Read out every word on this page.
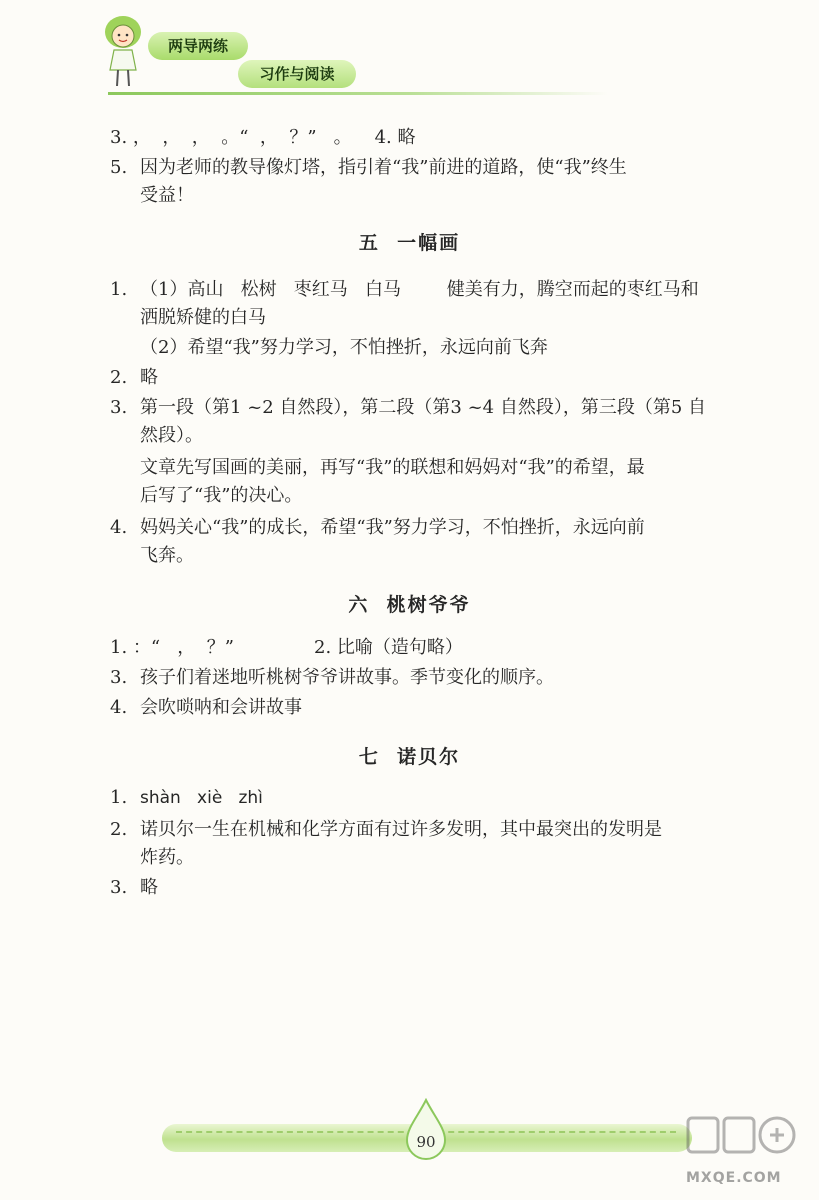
两导两练
习作与阅读
3. ，  ，  ，  。“  ，  ？”   。    4. 略
5. 因为老师的教导像灯塔，指引着“我”前进的道路，使“我”终生
受益！
五  一幅画
1. （1）高山   松树   枣红马   白马        健美有力，腾空而起的枣红马和
洒脱矫健的白马
（2）希望“我”努力学习，不怕挫折，永远向前飞奔
2. 略
3. 第一段（第1 ~2 自然段），第二段（第3 ~4 自然段），第三段（第5 自
然段）。
文章先写国画的美丽，再写“我”的联想和妈妈对“我”的希望，最
后写了“我”的决心。
4. 妈妈关心“我”的成长，希望“我”努力学习，不怕挫折，永远向前
飞奔。
六  桃树爷爷
1. ：“   ，  ？”              2. 比喻（造句略）
3. 孩子们着迷地听桃树爷爷讲故事。季节变化的顺序。
4. 会吹唢呐和会讲故事
七  诺贝尔
1. shàn   xiè   zhì
2. 诺贝尔一生在机械和化学方面有过许多发明，其中最突出的发明是
炸药。
3. 略
90
MXQE.COM
